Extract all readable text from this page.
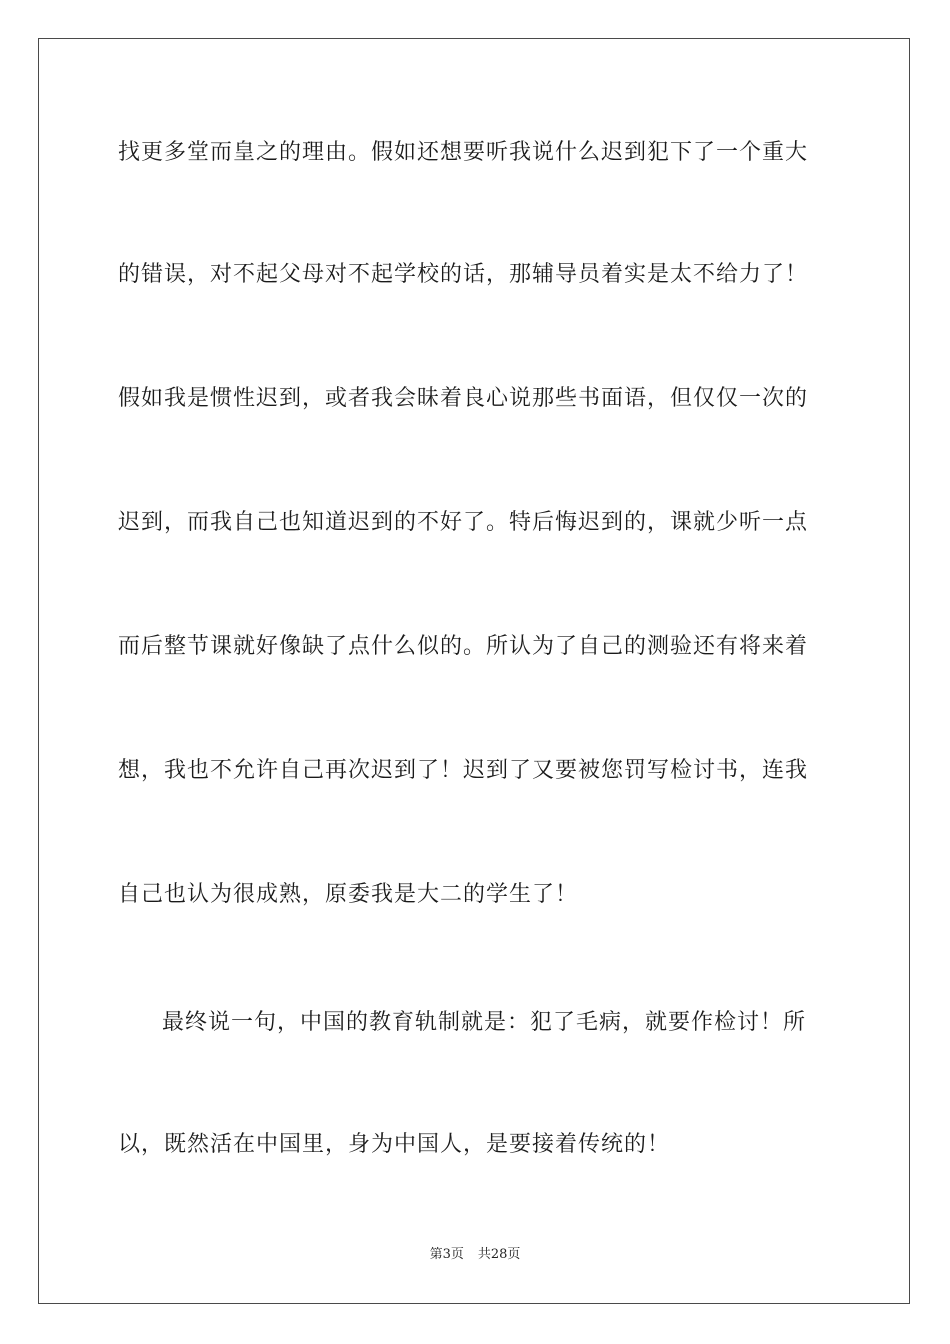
找更多堂而皇之的理由。假如还想要听我说什么迟到犯下了一个重大
的错误，对不起父母对不起学校的话，那辅导员着实是太不给力了！
假如我是惯性迟到，或者我会昧着良心说那些书面语，但仅仅一次的
迟到，而我自己也知道迟到的不好了。特后悔迟到的，课就少听一点
而后整节课就好像缺了点什么似的。所认为了自己的测验还有将来着
想，我也不允许自己再次迟到了！迟到了又要被您罚写检讨书，连我
自己也认为很成熟，原委我是大二的学生了！
最终说一句，中国的教育轨制就是：犯了毛病，就要作检讨！所
以，既然活在中国里，身为中国人，是要接着传统的！
第3页 共28页
